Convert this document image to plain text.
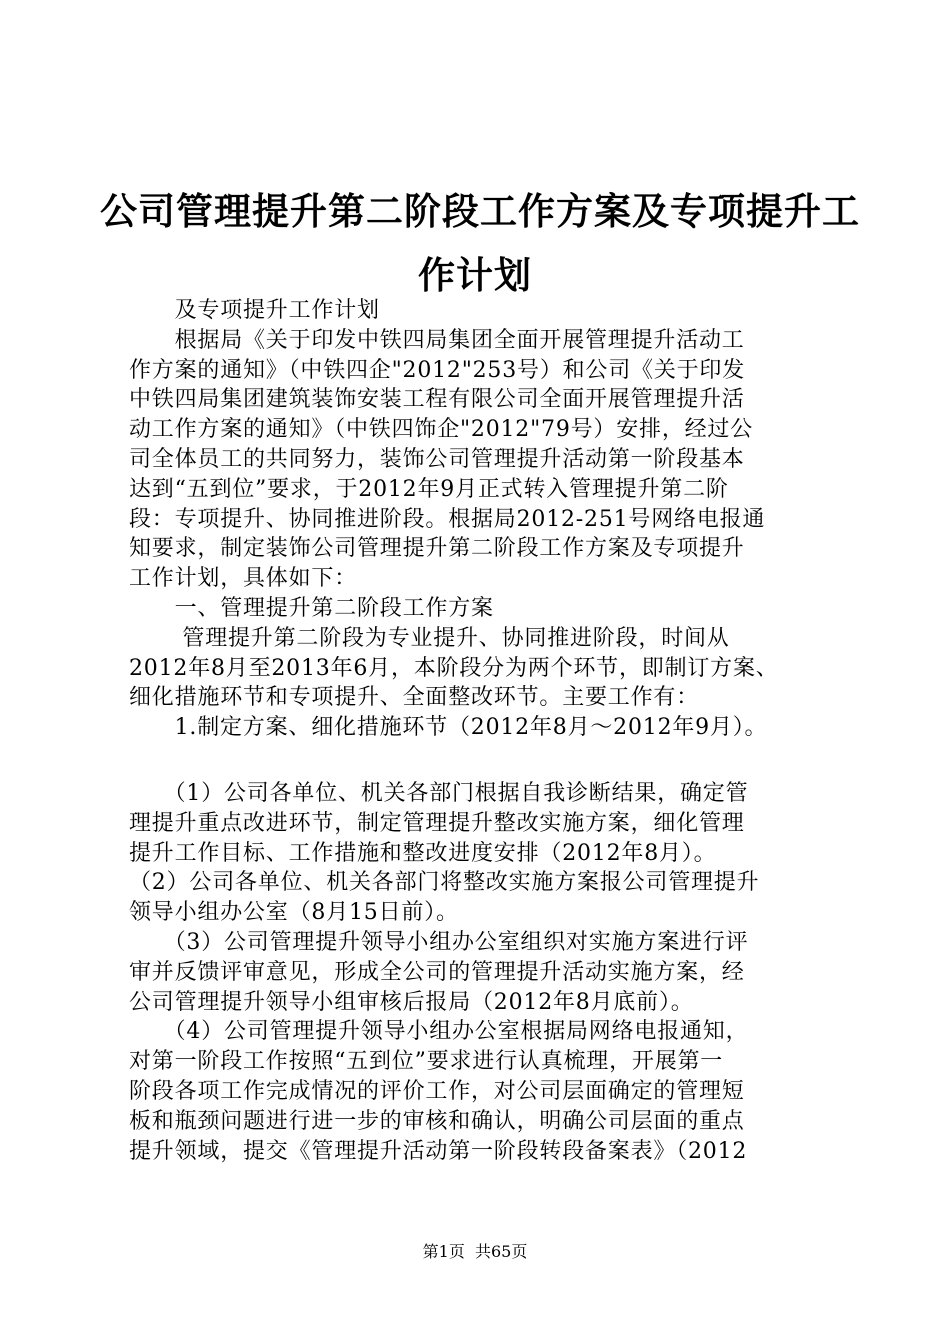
公司管理提升第二阶段工作方案及专项提升工
作计划
　　及专项提升工作计划
　　根据局《关于印发中铁四局集团全面开展管理提升活动工
作方案的通知》（中铁四企"2012"253号）和公司《关于印发
中铁四局集团建筑装饰安装工程有限公司全面开展管理提升活
动工作方案的通知》（中铁四饰企"2012"79号）安排，经过公
司全体员工的共同努力，装饰公司管理提升活动第一阶段基本
达到“五到位”要求，于2012年9月正式转入管理提升第二阶
段：专项提升、协同推进阶段。根据局2012-251号网络电报通
知要求，制定装饰公司管理提升第二阶段工作方案及专项提升
工作计划，具体如下：
　　一、管理提升第二阶段工作方案
　　 管理提升第二阶段为专业提升、协同推进阶段，时间从
2012年8月至2013年6月，本阶段分为两个环节，即制订方案、
细化措施环节和专项提升、全面整改环节。主要工作有：
　　1.制定方案、细化措施环节（2012年8月～2012年9月）。
　　（1）公司各单位、机关各部门根据自我诊断结果，确定管
理提升重点改进环节，制定管理提升整改实施方案，细化管理
提升工作目标、工作措施和整改进度安排（2012年8月）。
（2）公司各单位、机关各部门将整改实施方案报公司管理提升
领导小组办公室（8月15日前）。
　　（3）公司管理提升领导小组办公室组织对实施方案进行评
审并反馈评审意见，形成全公司的管理提升活动实施方案，经
公司管理提升领导小组审核后报局（2012年8月底前）。
　　（4）公司管理提升领导小组办公室根据局网络电报通知，
对第一阶段工作按照“五到位”要求进行认真梳理，开展第一
阶段各项工作完成情况的评价工作，对公司层面确定的管理短
板和瓶颈问题进行进一步的审核和确认，明确公司层面的重点
提升领域，提交《管理提升活动第一阶段转段备案表》（2012
第1页  共65页
